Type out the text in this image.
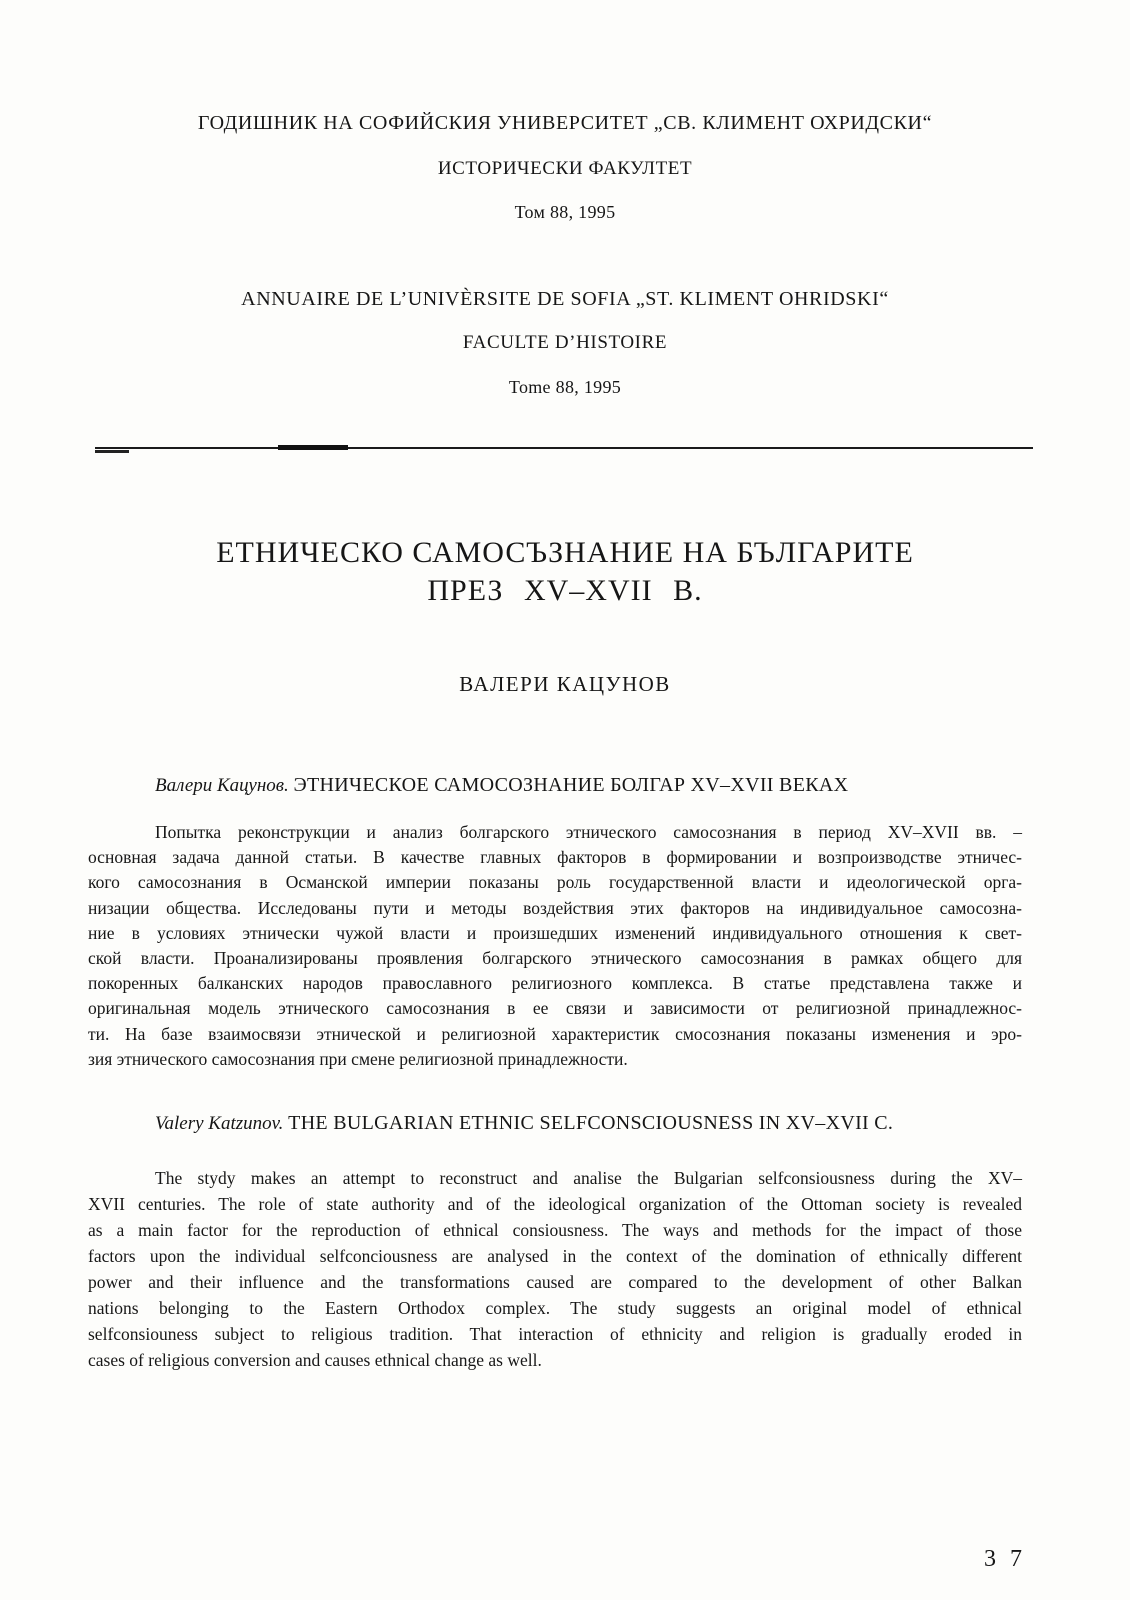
ГОДИШНИК НА СОФИЙСКИЯ УНИВЕРСИТЕТ „СВ. КЛИМЕНТ ОХРИДСКИ“
ИСТОРИЧЕСКИ ФАКУЛТЕТ
Том 88, 1995
ANNUAIRE DE L’UNIVÈRSITE DE SOFIA „ST. KLIMENT OHRIDSKI“
FACULTE D’HISTOIRE
Tome 88, 1995
ЕТНИЧЕСКО САМОСЪЗНАНИЕ НА БЪЛГАРИТЕ
ПРЕЗ XV–XVII В.
ВАЛЕРИ КАЦУНОВ
Валери Кацунов. ЭТНИЧЕСКОЕ САМОСОЗНАНИЕ БОЛГАР XV–XVII ВЕКАХ
Попытка реконструкции и анализ болгарского этнического самосознания в период XV–XVII вв. –
основная задача данной статьи. В качестве главных факторов в формировании и возпроизводстве этничес-
кого самосознания в Османской империи показаны роль государственной власти и идеологической орга-
низации общества. Исследованы пути и методы воздействия этих факторов на индивидуальное самосозна-
ние в условиях этнически чужой власти и произшедших изменений индивидуального отношения к свет-
ской власти. Проанализированы проявления болгарского этнического самосознания в рамках общего для
покоренных балканских народов православного религиозного комплекса. В статье представлена также и
оригинальная модель этнического самосознания в ее связи и зависимости от религиозной принадлежнос-
ти. На базе взаимосвязи этнической и религиозной характеристик смосознания показаны изменения и эро-
зия этнического самосознания при смене религиозной принадлежности.
Valery Katzunov. THE BULGARIAN ETHNIC SELFCONSCIOUSNESS IN XV–XVII C.
The stydy makes an attempt to reconstruct and analise the Bulgarian selfconsiousness during the XV–
XVII centuries. The role of state authority and of the ideological organization of the Ottoman society is revealed
as a main factor for the reproduction of ethnical consiousness. The ways and methods for the impact of those
factors upon the individual selfconciousness are analysed in the context of the domination of ethnically different
power and their influence and the transformations caused are compared to the development of other Balkan
nations belonging to the Eastern Orthodox complex. The study suggests an original model of ethnical
selfconsiouness subject to religious tradition. That interaction of ethnicity and religion is gradually eroded in
cases of religious conversion and causes ethnical change as well.
3 7
